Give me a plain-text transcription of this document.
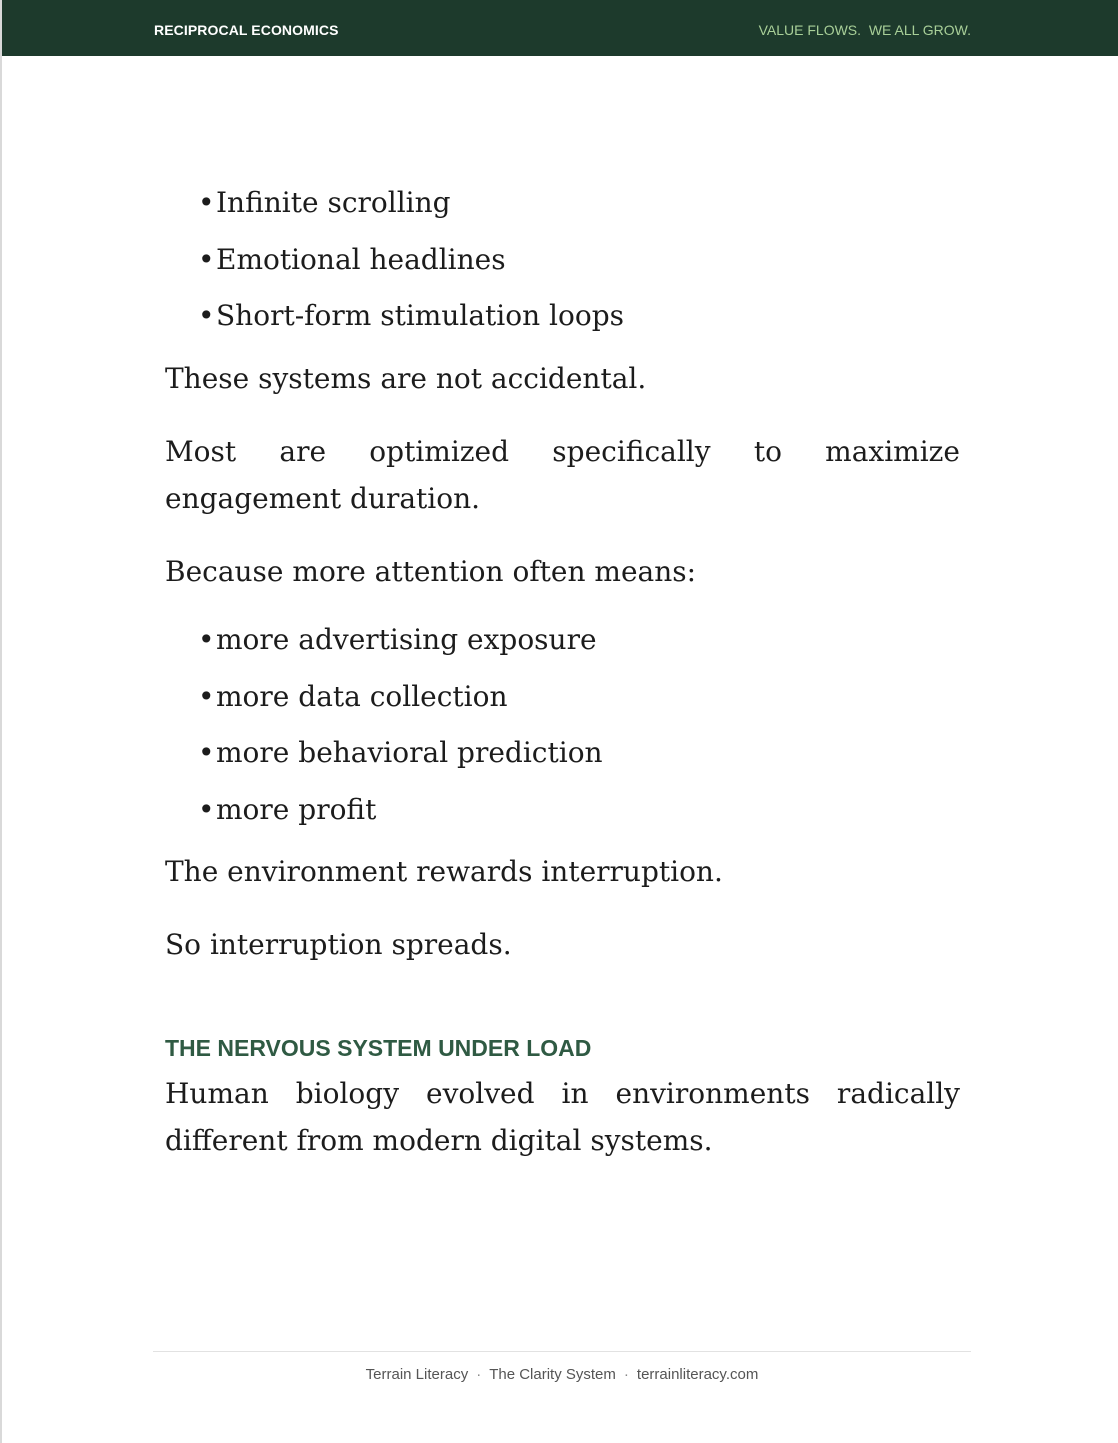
RECIPROCAL ECONOMICS	VALUE FLOWS.  WE ALL GROW.
•Infinite scrolling
•Emotional headlines
•Short-form stimulation loops

These systems are not accidental.

Most are optimized specifically to maximize engagement duration.

Because more attention often means:

•more advertising exposure
•more data collection
•more behavioral prediction
•more profit

The environment rewards interruption.

So interruption spreads.

THE NERVOUS SYSTEM UNDER LOAD

Human biology evolved in environments radically different from modern digital systems.

Terrain Literacy · The Clarity System · terrainliteracy.com
